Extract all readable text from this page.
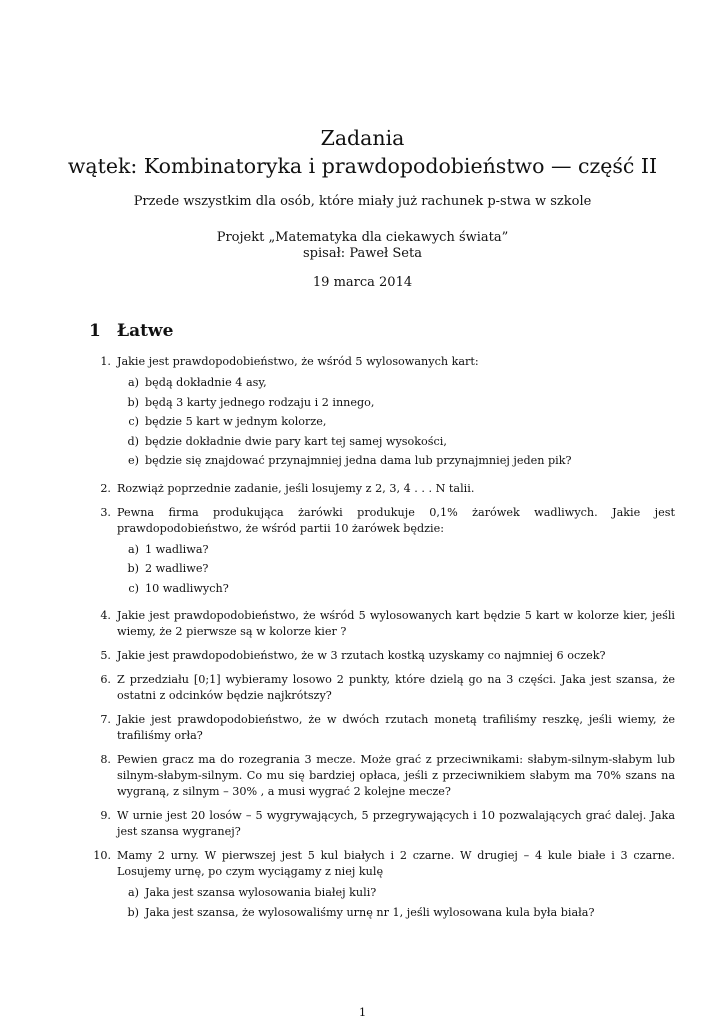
Zadania
wątek: Kombinatoryka i prawdopodobieństwo — część II
Przede wszystkim dla osób, które miały już rachunek p-stwa w szkole
Projekt „Matematyka dla ciekawych świata”
spisał: Paweł Seta
19 marca 2014
1 Łatwe
1. Jakie jest prawdopodobieństwo, że wśród 5 wylosowanych kart:

a) będą dokładnie 4 asy,
b) będą 3 karty jednego rodzaju i 2 innego,
c) będzie 5 kart w jednym kolorze,
d) będzie dokładnie dwie pary kart tej samej wysokości,
e) będzie się znajdować przynajmniej jedna dama lub przynajmniej jeden pik?
2. Rozwiąż poprzednie zadanie, jeśli losujemy z 2, 3, 4 . . . N talii.

3. Pewna firma produkująca żarówki produkuje 0,1% żarówek wadliwych. Jakie jest prawdopodobieństwo, że wśród partii 10 żarówek będzie:

a) 1 wadliwa?
b) 2 wadliwe?
c) 10 wadliwych?
4. Jakie jest prawdopodobieństwo, że wśród 5 wylosowanych kart będzie 5 kart w kolorze kier, jeśli wiemy, że 2 pierwsze są w kolorze kier ?

5. Jakie jest prawdopodobieństwo, że w 3 rzutach kostką uzyskamy co najmniej 6 oczek?

6. Z przedziału [0;1] wybieramy losowo 2 punkty, które dzielą go na 3 części. Jaka jest szansa, że ostatni z odcinków będzie najkrótszy?

7. Jakie jest prawdopodobieństwo, że w dwóch rzutach monetą trafiliśmy reszkę, jeśli wiemy, że trafiliśmy orła?

8. Pewien gracz ma do rozegrania 3 mecze. Może grać z przeciwnikami: słabym-silnym-słabym lub silnym-słabym-silnym. Co mu się bardziej opłaca, jeśli z przeciwnikiem słabym ma 70% szans na wygraną, z silnym – 30% , a musi wygrać 2 kolejne mecze?

9. W urnie jest 20 losów – 5 wygrywających, 5 przegrywających i 10 pozwalających grać dalej. Jaka jest szansa wygranej?

10. Mamy 2 urny. W pierwszej jest 5 kul białych i 2 czarne. W drugiej – 4 kule białe i 3 czarne. Losujemy urnę, po czym wyciągamy z niej kulę

a) Jaka jest szansa wylosowania białej kuli?
b) Jaka jest szansa, że wylosowaliśmy urnę nr 1, jeśli wylosowana kula była biała?
1
